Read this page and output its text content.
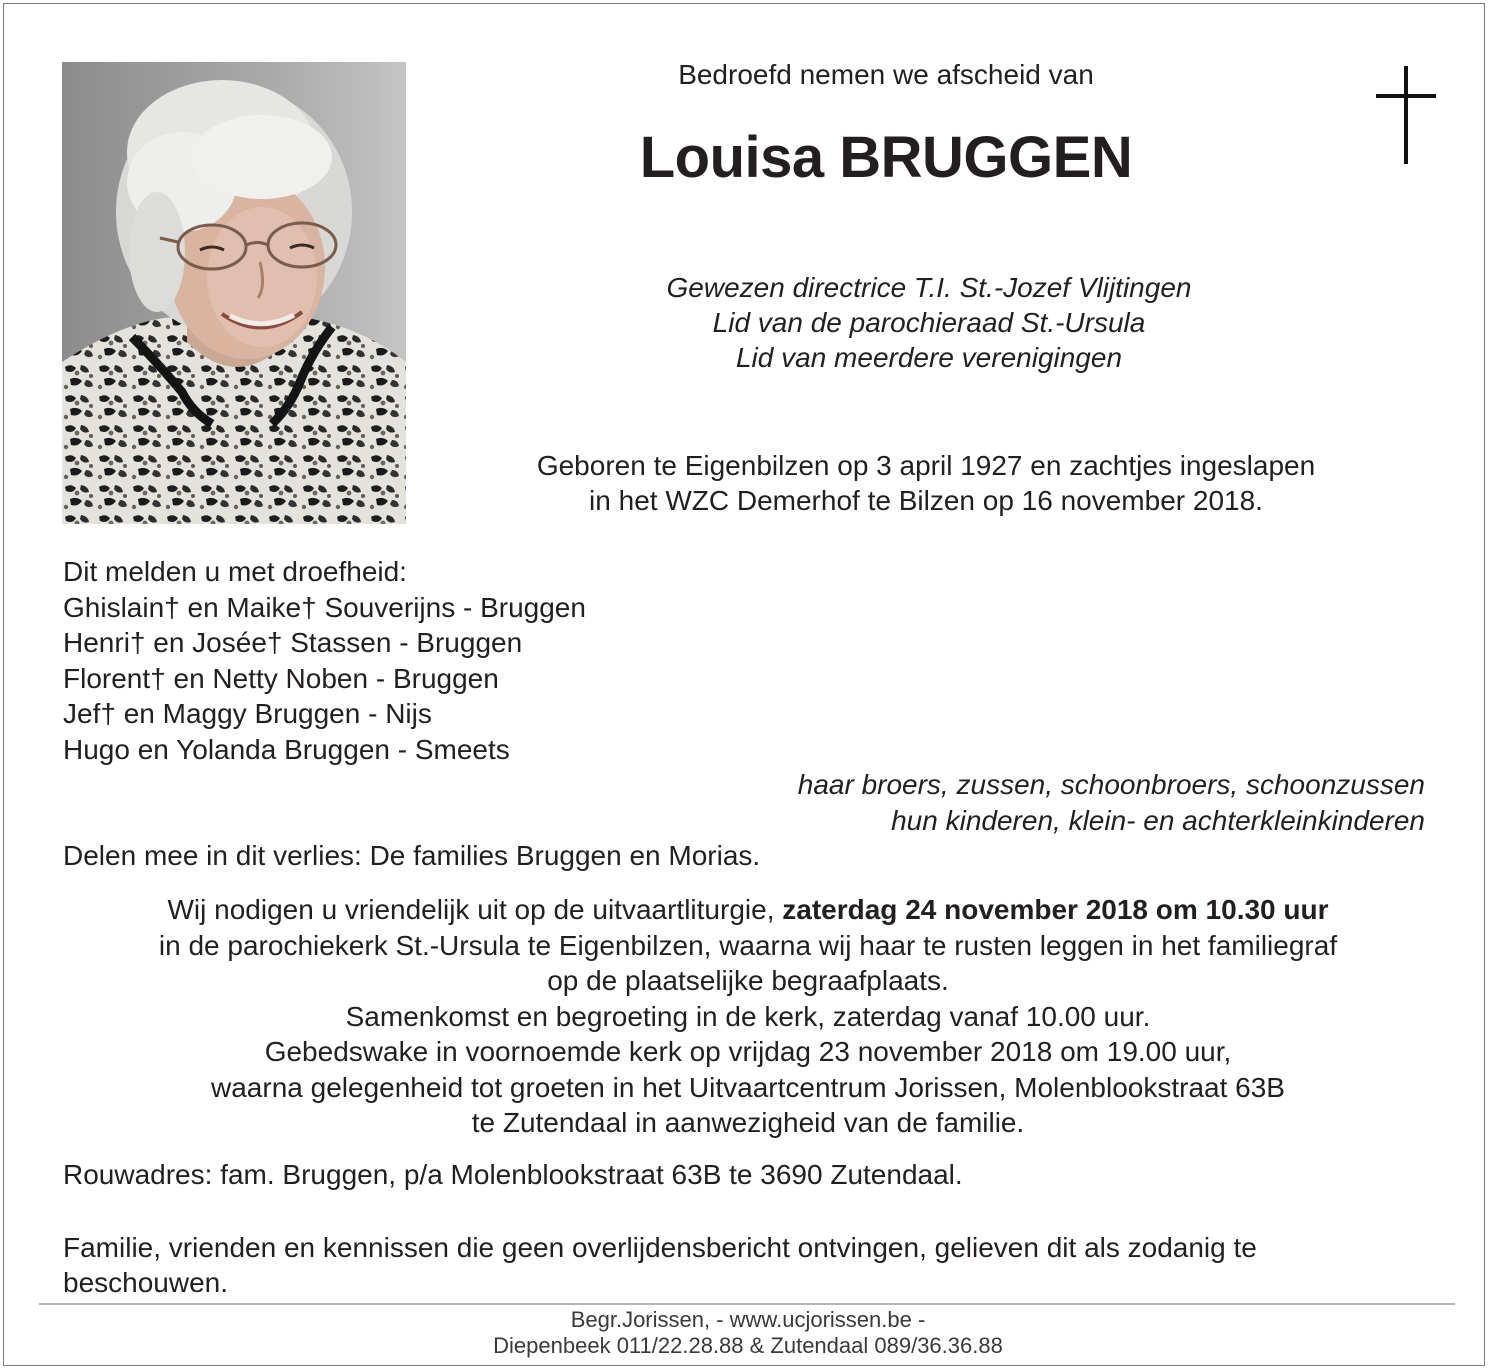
Bedroefd nemen we afscheid van
Louisa BRUGGEN
Gewezen directrice T.I. St.-Jozef Vlijtingen
Lid van de parochieraad St.-Ursula
Lid van meerdere verenigingen
Geboren te Eigenbilzen op 3 april 1927 en zachtjes ingeslapen
in het WZC Demerhof te Bilzen op 16 november 2018.
Dit melden u met droefheid:
Ghislain† en Maike† Souverijns - Bruggen
Henri† en Josée† Stassen - Bruggen
Florent† en Netty Noben - Bruggen
Jef† en Maggy Bruggen - Nijs
Hugo en Yolanda Bruggen - Smeets
haar broers, zussen, schoonbroers, schoonzussen
hun kinderen, klein- en achterkleinkinderen
Delen mee in dit verlies: De families Bruggen en Morias.
Wij nodigen u vriendelijk uit op de uitvaartliturgie, zaterdag 24 november 2018 om 10.30 uur
in de parochiekerk St.-Ursula te Eigenbilzen, waarna wij haar te rusten leggen in het familiegraf
op de plaatselijke begraafplaats.
Samenkomst en begroeting in de kerk, zaterdag vanaf 10.00 uur.
Gebedswake in voornoemde kerk op vrijdag 23 november 2018 om 19.00 uur,
waarna gelegenheid tot groeten in het Uitvaartcentrum Jorissen, Molenblookstraat 63B
te Zutendaal in aanwezigheid van de familie.
Rouwadres: fam. Bruggen, p/a Molenblookstraat 63B te 3690 Zutendaal.
Familie, vrienden en kennissen die geen overlijdensbericht ontvingen, gelieven dit als zodanig te beschouwen.
Begr.Jorissen, - www.ucjorissen.be -
Diepenbeek 011/22.28.88 & Zutendaal 089/36.36.88
